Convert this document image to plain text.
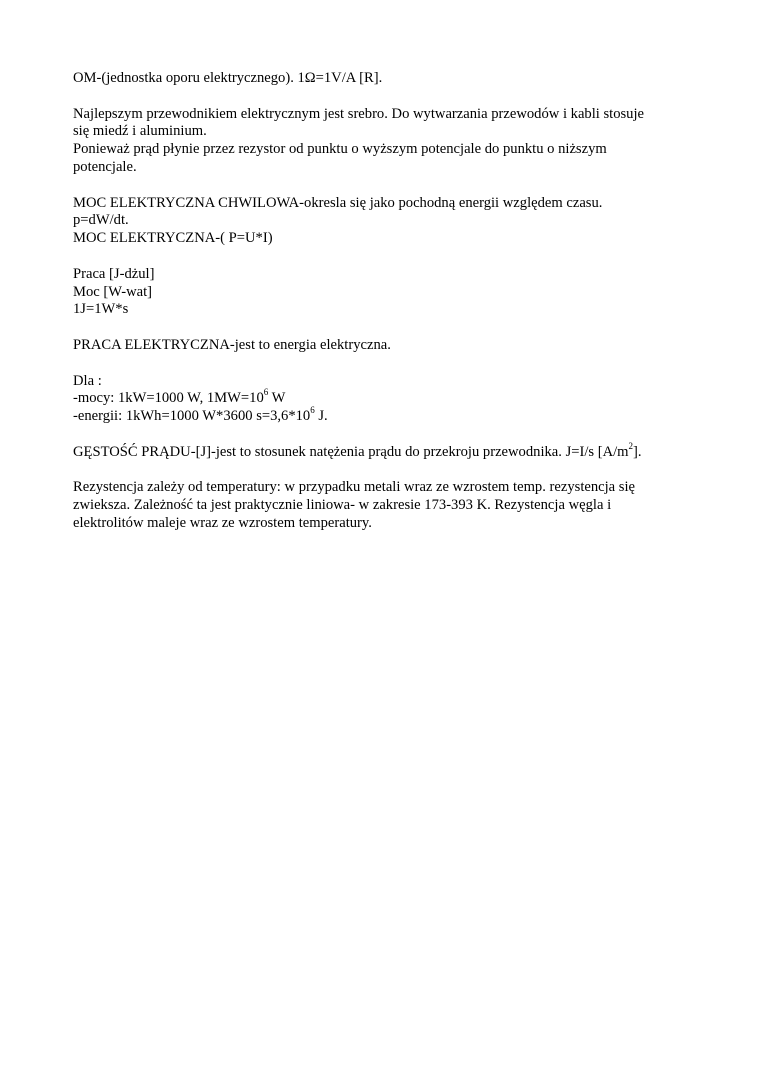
OM-(jednostka oporu elektrycznego). 1Ω=1V/A [R].
Najlepszym przewodnikiem elektrycznym jest srebro. Do wytwarzania przewodów i kabli stosuje
się miedź i aluminium.
Ponieważ prąd płynie przez rezystor od punktu o wyższym potencjale do punktu o niższym
potencjale.
MOC ELEKTRYCZNA CHWILOWA-okresla się jako pochodną energii względem czasu.
p=dW/dt.
MOC ELEKTRYCZNA-( P=U*I)
Praca [J-dżul]
Moc [W-wat]
1J=1W*s
PRACA ELEKTRYCZNA-jest to energia elektryczna.
Dla :
-mocy: 1kW=1000 W, $1MW=10^6$ W
-energii: 1kWh=1000 W*3600 $s=3,6*10^6$ J.
GĘSTOŚĆ PRĄDU-[J]-jest to stosunek natężenia prądu do przekroju przewodnika. J=I/s $[A/m^2]$.
Rezystencja zależy od temperatury: w przypadku metali wraz ze wzrostem temp. rezystencja się
zwieksza. Zależność ta jest praktycznie liniowa- w zakresie 173-393 K. Rezystencja węgla i
elektrolitów maleje wraz ze wzrostem temperatury.
